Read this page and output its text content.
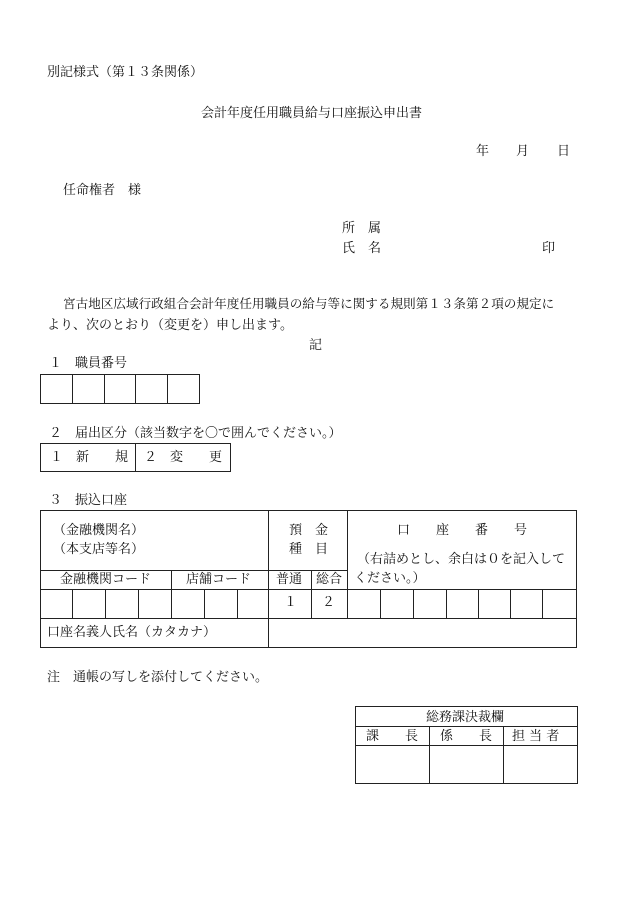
別記様式（第１３条関係）
会計年度任用職員給与口座振込申出書
年 月 日
任命権者　様
所　属
氏　名	印
宮古地区広域行政組合会計年度任用職員の給与等に関する規則第１３条第２項の規定に
より、次のとおり（変更を）申し出ます。
記
１　職員番号
２　届出区分（該当数字を〇で囲んでください。）
１　新　　規 ２　変　　更
３　振込口座
（金融機関名）
（本支店等名）
預　金
種　目
口　　座　　番　　号
（右詰めとし、余白は０を記入して
ください。）
金融機関コード	店舗コード 普通 総合
１ ２
口座名義人氏名（カタカナ）
注　通帳の写しを添付してください。
総務課決裁欄
課　　長 係　　長 担 当 者
